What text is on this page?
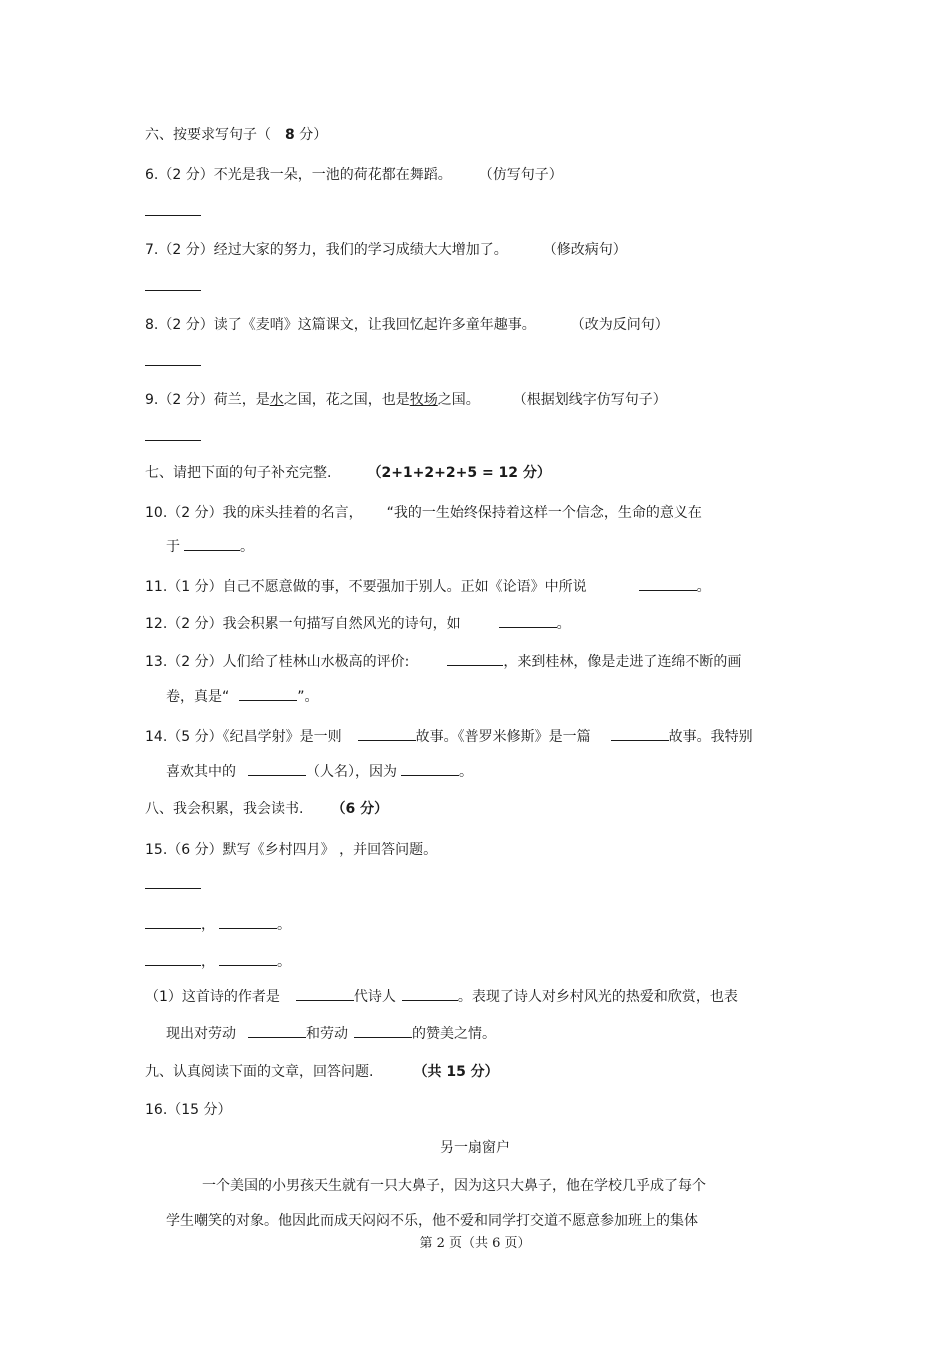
六、按要求写句子（ 8 分）
6.（2 分）不光是我一朵，一池的荷花都在舞蹈。 （仿写句子）
7.（2 分）经过大家的努力，我们的学习成绩大大增加了。	（修改病句）
8.（2 分）读了《麦哨》这篇课文，让我回忆起许多童年趣事。	（改为反问句）
9.（2 分）荷兰，是水之国，花之国，也是牧场之国。	（根据划线字仿写句子）
七、请把下面的句子补充完整.	（2+1+2+2+5 = 12 分）
10.（2 分）我的床头挂着的名言， “我的一生始终保持着这样一个信念，生命的意义在
于	。
11.（1 分）自己不愿意做的事，不要强加于别人。正如《论语》中所说	。
12.（2 分）我会积累一句描写自然风光的诗句，如	。
13.（2 分）人们给了桂林山水极高的评价:	，来到桂林，像是走进了连绵不断的画
卷，真是“	”。
14.（5 分）《纪昌学射》是一则	故事。《普罗米修斯》是一篇	故事。我特别
喜欢其中的	（人名），因为	。
八、我会积累，我会读书. （6 分）
15.（6 分）默写《乡村四月》 ，并回答问题。
，	。
，	。
（1）这首诗的作者是	代诗人	。表现了诗人对乡村风光的热爱和欣赏，也表
现出对劳动	和劳动	的赞美之情。
九、认真阅读下面的文章，回答问题.	（共 15 分）
16.（15 分）
另一扇窗户
一个美国的小男孩天生就有一只大鼻子，因为这只大鼻子，他在学校几乎成了每个
学生嘲笑的对象。他因此而成天闷闷不乐，他不爱和同学打交道不愿意参加班上的集体
第 2 页（共 6 页）
